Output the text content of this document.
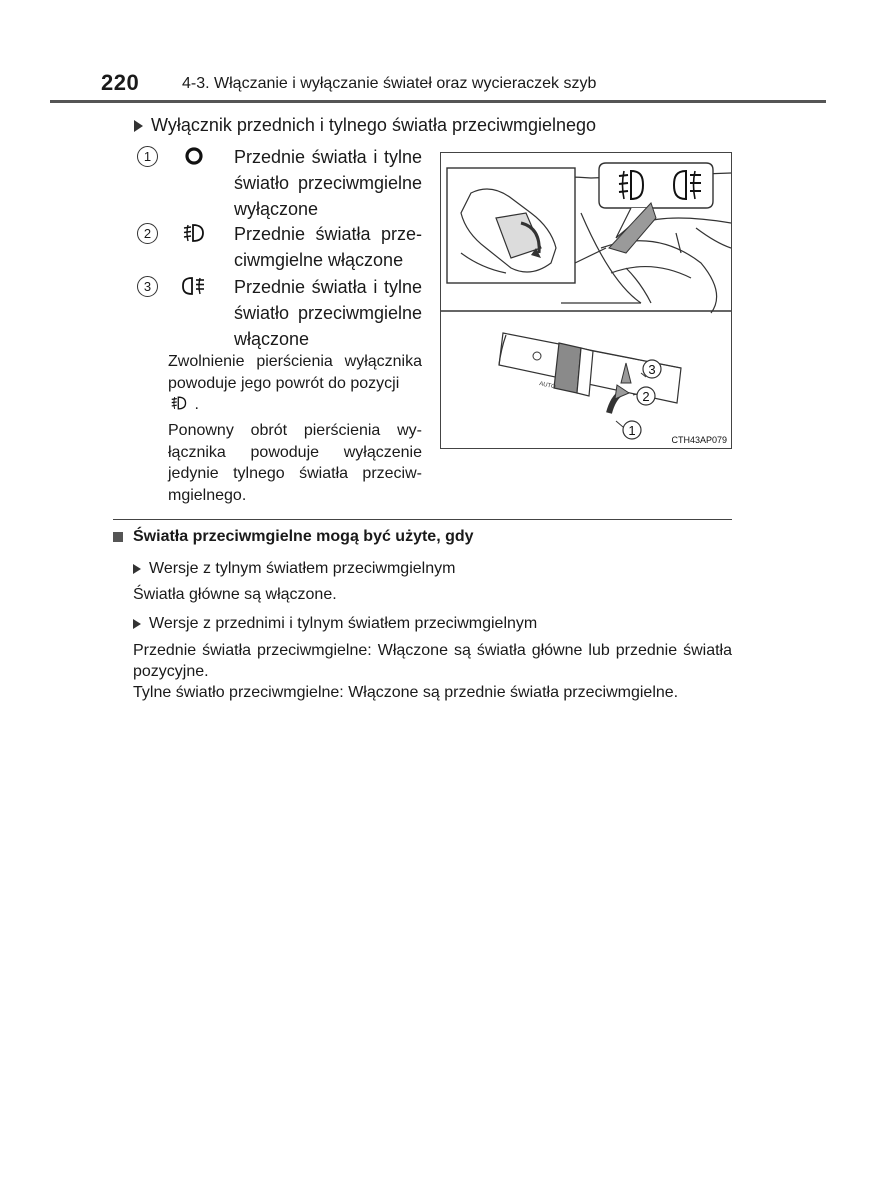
220	4-3. Włączanie i wyłączanie świateł oraz wycieraczek szyb
Wyłącznik przednich i tylnego światła przeciwmgielnego
1	Przednie światła i tylne światło przeciwmgielne wyłączone
2	Przednie światła przeciwmgielne włączone
3	Przednie światła i tylne światło przeciwmgielne włączone
Zwolnienie pierścienia wyłącznika powoduje jego powrót do pozycji
.
Ponowny obrót pierścienia wyłącznika powoduje wyłączenie jedynie tylnego światła przeciwmgielnego.
AUTO
3
2
1
CTH43AP079
Światła przeciwmgielne mogą być użyte, gdy
Wersje z tylnym światłem przeciwmgielnym
Światła główne są włączone.
Wersje z przednimi i tylnym światłem przeciwmgielnym
Przednie światła przeciwmgielne: Włączone są światła główne lub przednie światła pozycyjne.
Tylne światło przeciwmgielne: Włączone są przednie światła przeciwmgielne.
